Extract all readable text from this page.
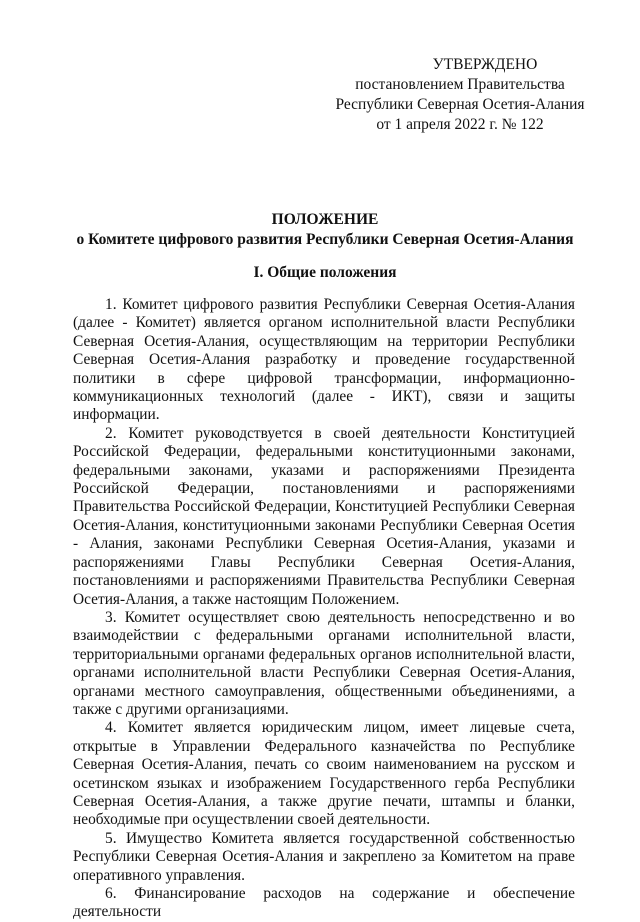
УТВЕРЖДЕНО
постановлением Правительства
Республики Северная Осетия-Алания
от 1 апреля 2022 г. № 122
ПОЛОЖЕНИЕ
о Комитете цифрового развития Республики Северная Осетия-Алания
I. Общие положения

1. Комитет цифрового развития Республики Северная Осетия-Алания (далее - Комитет) является органом исполнительной власти Республики Северная Осетия-Алания, осуществляющим на территории Республики Северная Осетия-Алания разработку и проведение государственной политики в сфере цифровой трансформации, информационно-коммуникационных технологий (далее - ИКТ), связи и защиты информации.

2. Комитет руководствуется в своей деятельности Конституцией Российской Федерации, федеральными конституционными законами, федеральными законами, указами и распоряжениями Президента Российской Федерации, постановлениями и распоряжениями Правительства Российской Федерации, Конституцией Республики Северная Осетия-Алания, конституционными законами Республики Северная Осетия - Алания, законами Республики Северная Осетия-Алания, указами и распоряжениями Главы Республики Северная Осетия-Алания, постановлениями и распоряжениями Правительства Республики Северная Осетия-Алания, а также настоящим Положением.

3. Комитет осуществляет свою деятельность непосредственно и во взаимодействии с федеральными органами исполнительной власти, территориальными органами федеральных органов исполнительной власти, органами исполнительной власти Республики Северная Осетия-Алания, органами местного самоуправления, общественными объединениями, а также с другими организациями.

4. Комитет является юридическим лицом, имеет лицевые счета, открытые в Управлении Федерального казначейства по Республике Северная Осетия-Алания, печать со своим наименованием на русском и осетинском языках и изображением Государственного герба Республики Северная Осетия-Алания, а также другие печати, штампы и бланки, необходимые при осуществлении своей деятельности.

5. Имущество Комитета является государственной собственностью Республики Северная Осетия-Алания и закреплено за Комитетом на праве оперативного управления.

6. Финансирование расходов на содержание и обеспечение деятельности
